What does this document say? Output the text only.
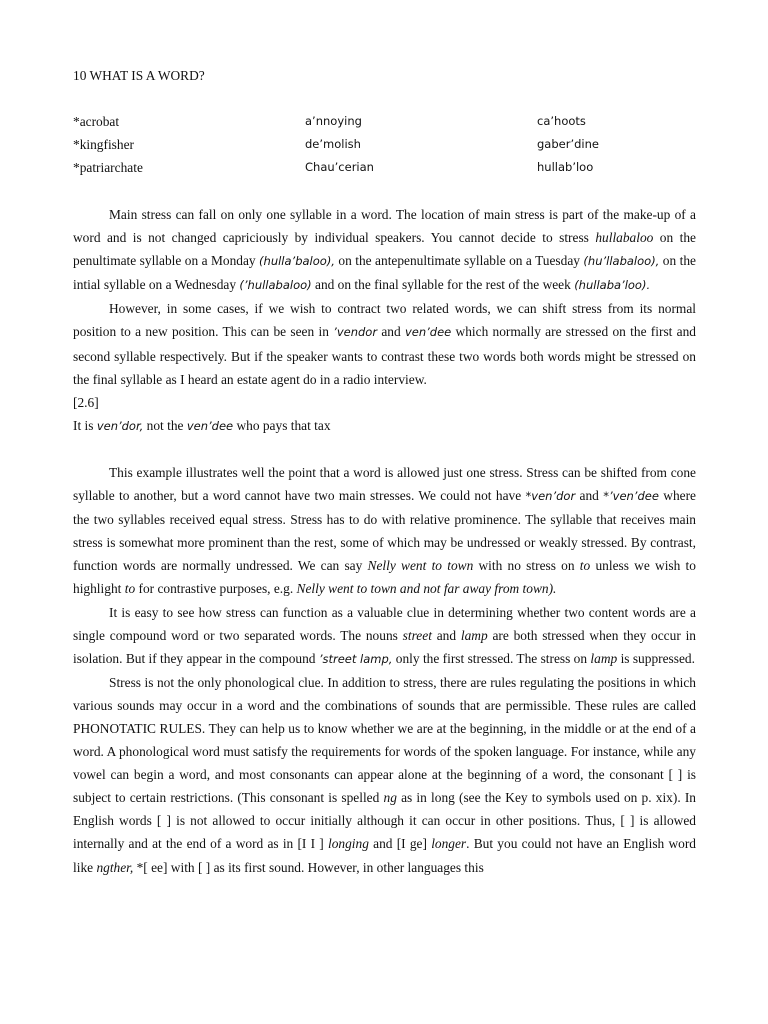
10 WHAT IS A WORD?
*acrobat	a’nnoying	ca’hoots
*kingfisher	de’molish	gaber’dine
*patriarchate	Chau’cerian	hullab’loo

Main stress can fall on only one syllable in a word. The location of main stress is part of the make-up of a word and is not changed capriciously by individual speakers. You cannot decide to stress hullabaloo on the penultimate syllable on a Monday (hulla’baloo), on the antepenultimate syllable on a Tuesday (hu’llabaloo), on the intial syllable on a Wednesday (’hullabaloo) and on the final syllable for the rest of the week (hullaba’loo).

However, in some cases, if we wish to contract two related words, we can shift stress from its normal position to a new position. This can be seen in ’vendor and ven’dee which normally are stressed on the first and second syllable respectively. But if the speaker wants to contrast these two words both words might be stressed on the final syllable as I heard an estate agent do in a radio interview.

[2.6]

It is ven’dor, not the ven’dee who pays that tax

This example illustrates well the point that a word is allowed just one stress. Stress can be shifted from cone syllable to another, but a word cannot have two main stresses. We could not have *ven’dor and *’ven’dee where the two syllables received equal stress. Stress has to do with relative prominence. The syllable that receives main stress is somewhat more prominent than the rest, some of which may be undressed or weakly stressed. By contrast, function words are normally undressed. We can say Nelly went to town with no stress on to unless we wish to highlight to for contrastive purposes, e.g. Nelly went to town and not far away from town).

It is easy to see how stress can function as a valuable clue in determining whether two content words are a single compound word or two separated words. The nouns street and lamp are both stressed when they occur in isolation. But if they appear in the compound ’street lamp, only the first stressed. The stress on lamp is suppressed.

Stress is not the only phonological clue. In addition to stress, there are rules regulating the positions in which various sounds may occur in a word and the combinations of sounds that are permissible. These rules are called PHONOTATIC RULES. They can help us to know whether we are at the beginning, in the middle or at the end of a word. A phonological word must satisfy the requirements for words of the spoken language. For instance, while any vowel can begin a word, and most consonants can appear alone at the beginning of a word, the consonant [ ] is subject to certain restrictions. (This consonant is spelled ng as in long (see the Key to symbols used on p. xix). In English words [ ] is not allowed to occur initially although it can occur in other positions. Thus, [ ] is allowed internally and at the end of a word as in [I I ] longing and [I ge] longer. But you could not have an English word like ngther, *[ ee] with [ ] as its first sound. However, in other languages this
